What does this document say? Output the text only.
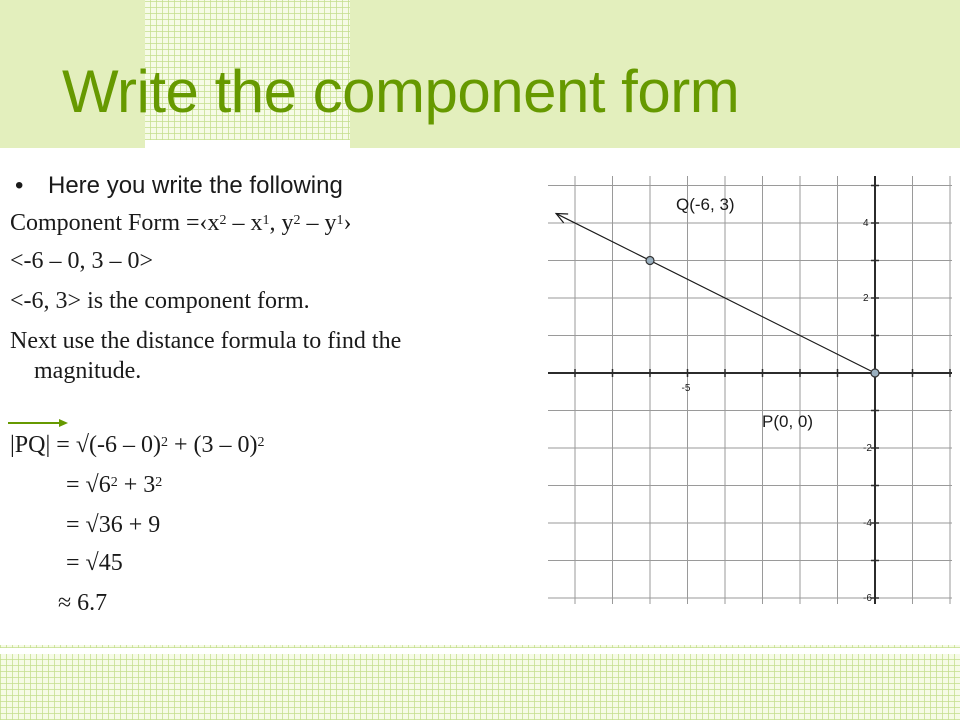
Write the component form
• Here you write the following
Component Form $=‹x^2 - x^1$, $y^2$ – $y^1›$
<-6 – 0, 3 – 0>
<-6, 3> is the component form.
Next use the distance formula to find the
magnitude.
|PQ| = √(-6 – 0)$^2$ + (3 – 0)$^2$
= $√6^2 + 3^2$
= √36 + 9
= √45
≈ 6.7
-5
4
2
-2
-4
-6
Q(-6, 3)
P(0, 0)
